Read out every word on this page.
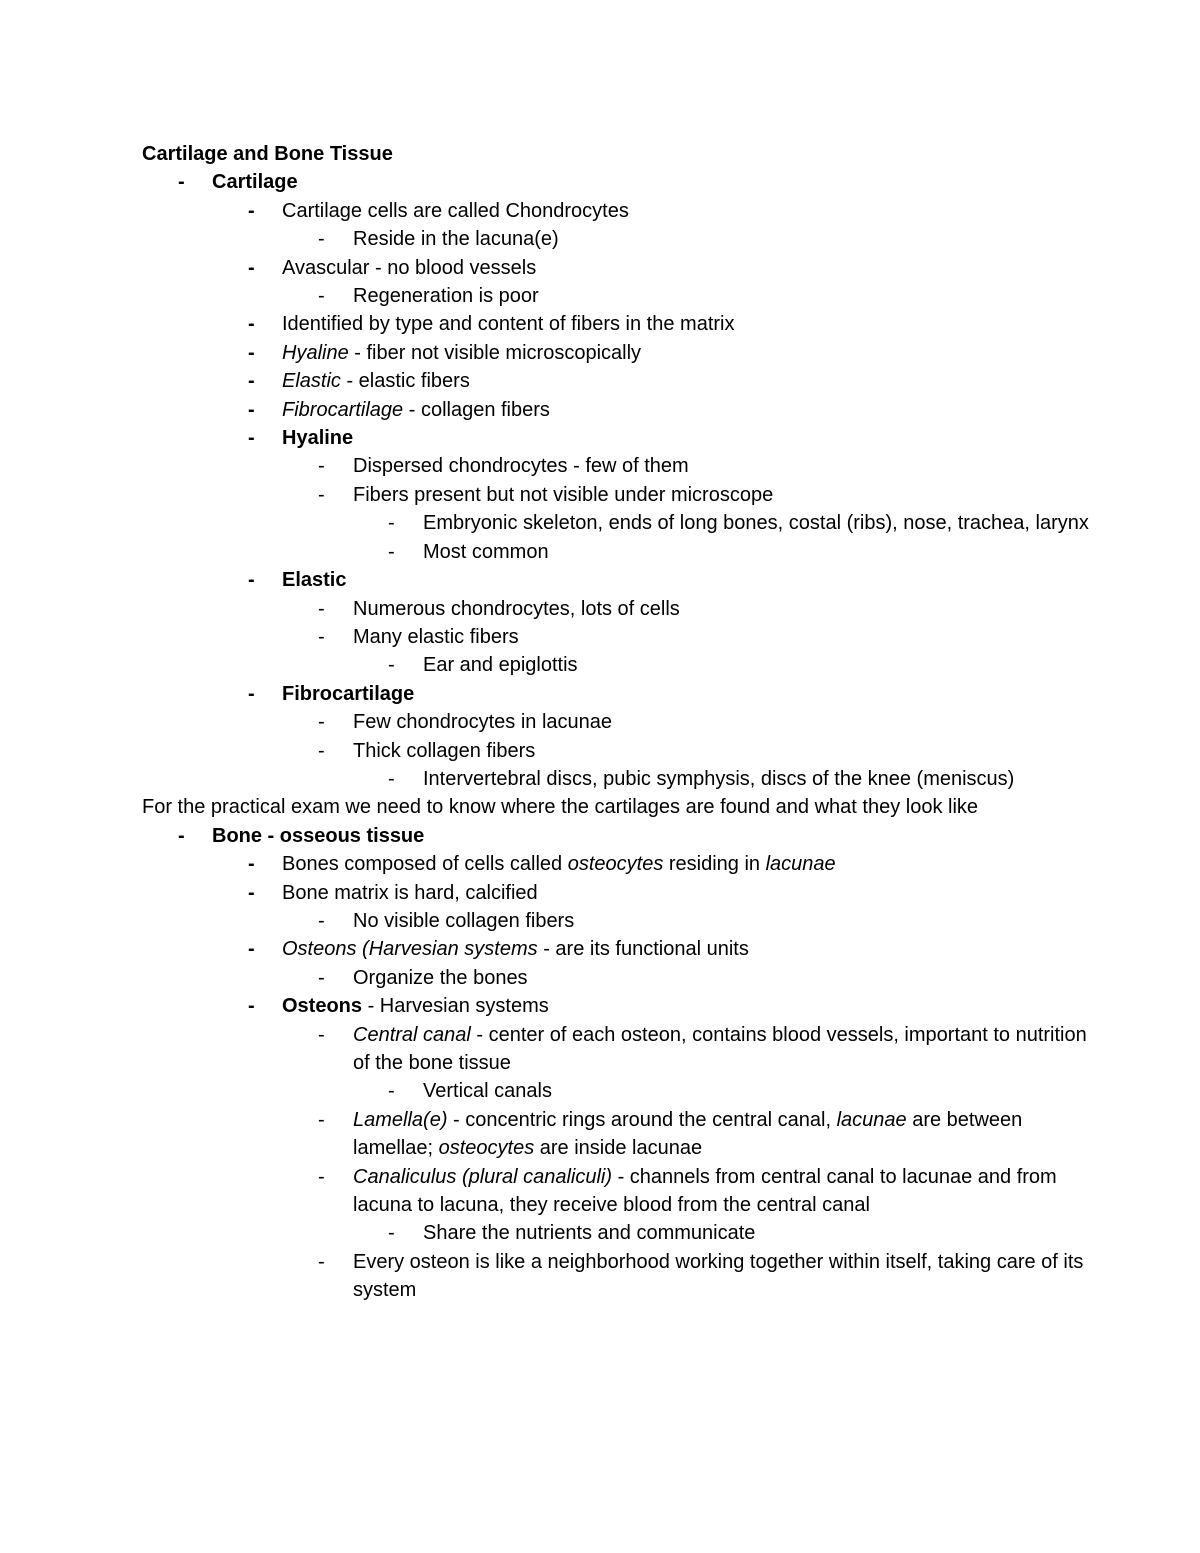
Cartilage and Bone Tissue

- Cartilage
- Cartilage cells are called Chondrocytes
- Reside in the lacuna(e)
- Avascular - no blood vessels
- Regeneration is poor
- Identified by type and content of fibers in the matrix
- Hyaline - fiber not visible microscopically
- Elastic - elastic fibers
- Fibrocartilage - collagen fibers
- Hyaline
- Dispersed chondrocytes - few of them
- Fibers present but not visible under microscope
- Embryonic skeleton, ends of long bones, costal (ribs), nose, trachea, larynx
- Most common
- Elastic
- Numerous chondrocytes, lots of cells
- Many elastic fibers
- Ear and epiglottis
- Fibrocartilage
- Few chondrocytes in lacunae
- Thick collagen fibers
- Intervertebral discs, pubic symphysis, discs of the knee (meniscus)

For the practical exam we need to know where the cartilages are found and what they look like

- Bone - osseous tissue
- Bones composed of cells called osteocytes residing in lacunae
- Bone matrix is hard, calcified
- No visible collagen fibers
- Osteons (Harvesian systems - are its functional units
- Organize the bones
- Osteons - Harvesian systems
- Central canal - center of each osteon, contains blood vessels, important to nutrition of the bone tissue
- Vertical canals
- Lamella(e) - concentric rings around the central canal, lacunae are between lamellae; osteocytes are inside lacunae
- Canaliculus (plural canaliculi) - channels from central canal to lacunae and from lacuna to lacuna, they receive blood from the central canal
- Share the nutrients and communicate
- Every osteon is like a neighborhood working together within itself, taking care of its system
